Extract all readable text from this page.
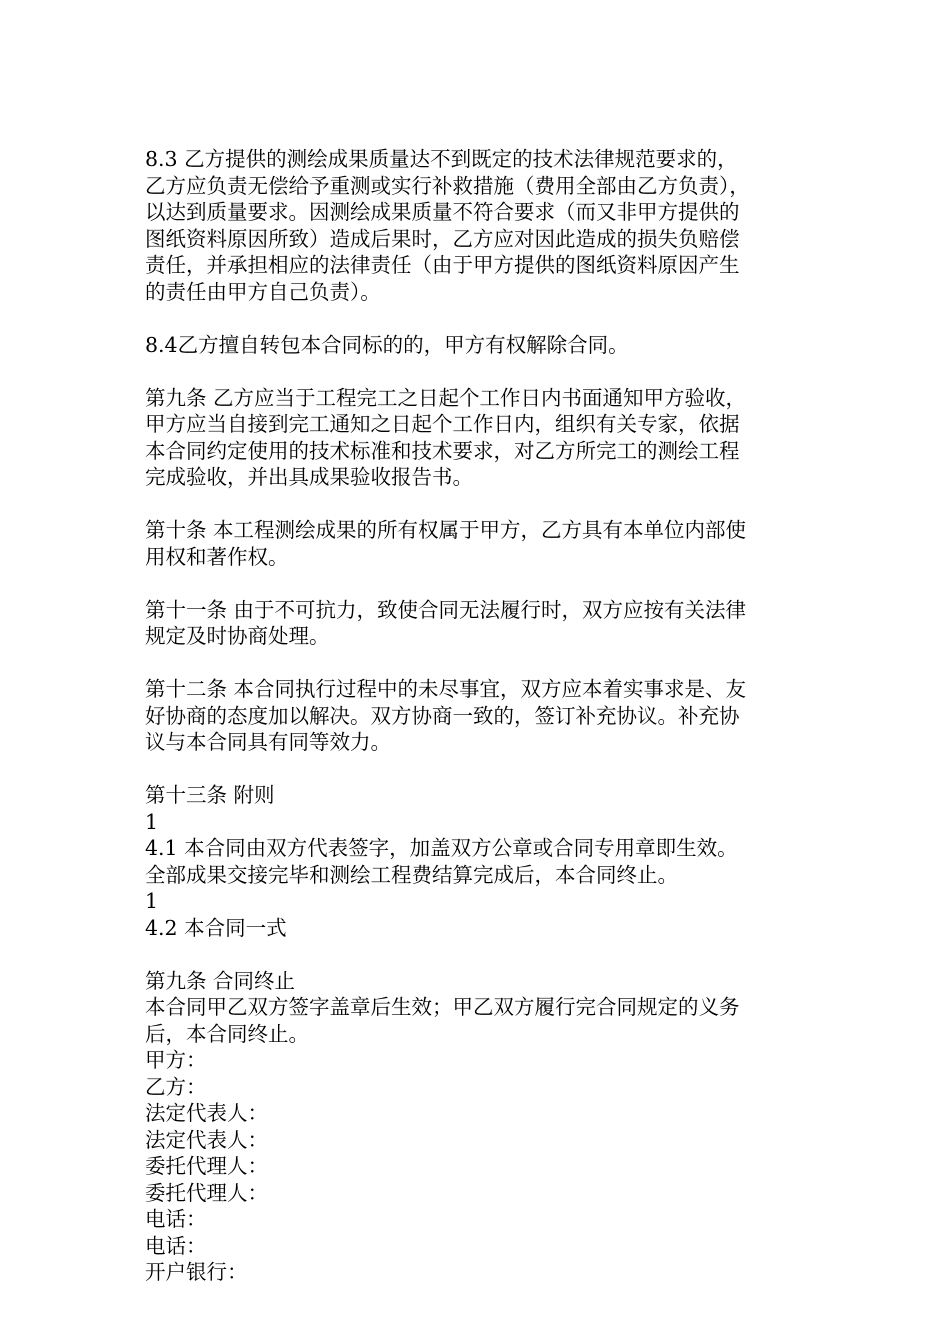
8.3 乙方提供的测绘成果质量达不到既定的技术法律规范要求的，
乙方应负责无偿给予重测或实行补救措施（费用全部由乙方负责），
以达到质量要求。因测绘成果质量不符合要求（而又非甲方提供的
图纸资料原因所致）造成后果时，乙方应对因此造成的损失负赔偿
责任，并承担相应的法律责任（由于甲方提供的图纸资料原因产生
的责任由甲方自己负责）。
8.4乙方擅自转包本合同标的的，甲方有权解除合同。
第九条 乙方应当于工程完工之日起个工作日内书面通知甲方验收，
甲方应当自接到完工通知之日起个工作日内，组织有关专家，依据
本合同约定使用的技术标准和技术要求，对乙方所完工的测绘工程
完成验收，并出具成果验收报告书。
第十条 本工程测绘成果的所有权属于甲方，乙方具有本单位内部使
用权和著作权。
第十一条 由于不可抗力，致使合同无法履行时，双方应按有关法律
规定及时协商处理。
第十二条 本合同执行过程中的未尽事宜，双方应本着实事求是、友
好协商的态度加以解决。双方协商一致的，签订补充协议。补充协
议与本合同具有同等效力。
第十三条 附则
1
4.1 本合同由双方代表签字，加盖双方公章或合同专用章即生效。
全部成果交接完毕和测绘工程费结算完成后，本合同终止。
1
4.2 本合同一式
第九条 合同终止
本合同甲乙双方签字盖章后生效；甲乙双方履行完合同规定的义务
后，本合同终止。
甲方：
乙方：
法定代表人：
法定代表人：
委托代理人：
委托代理人：
电话：
电话：
开户银行：
